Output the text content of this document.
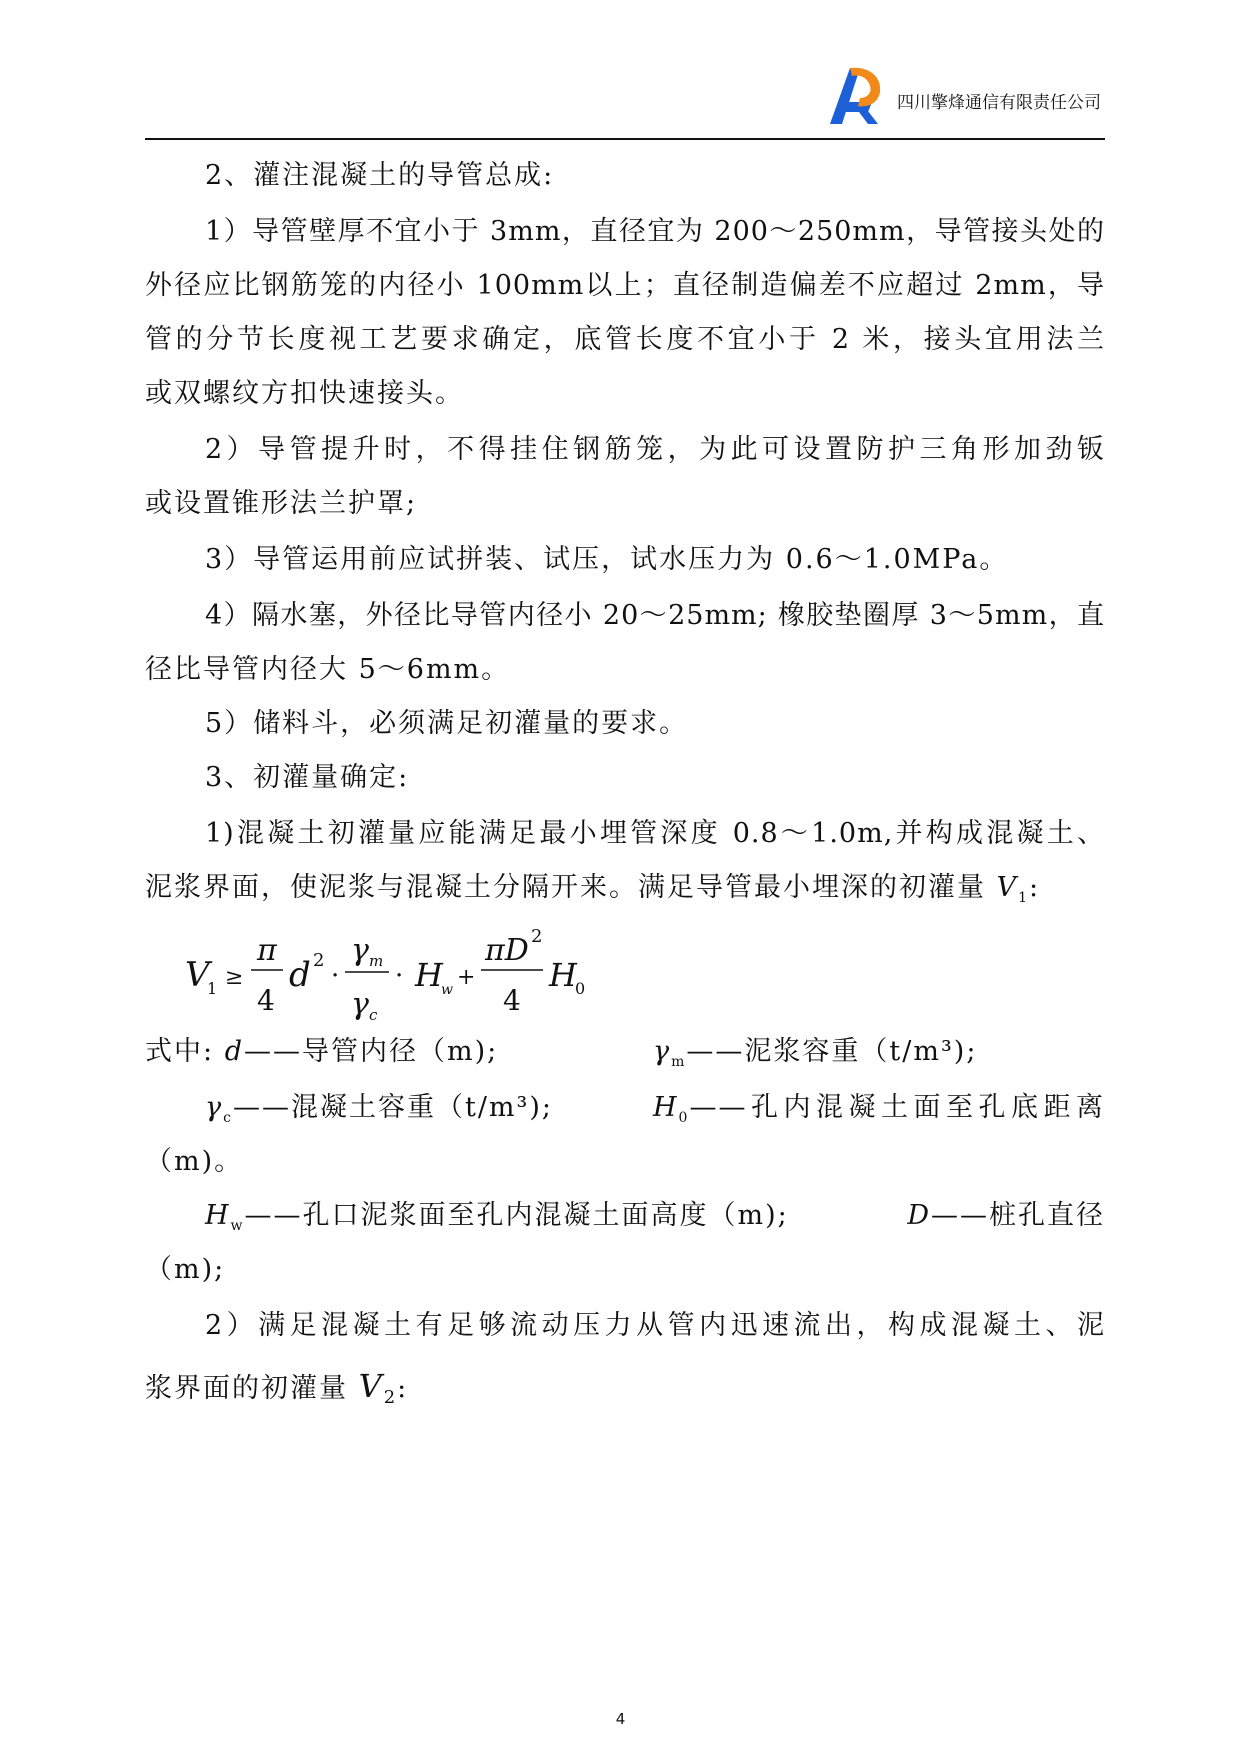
四川擎烽通信有限责任公司
2、灌注混凝土的导管总成:
1）导管壁厚不宜小于 3mm，直径宜为 200～250mm，导管接头处的
外径应比钢筋笼的内径小 100mm以上；直径制造偏差不应超过 2mm，导
管的分节长度视工艺要求确定，底管长度不宜小于 2 米，接头宜用法兰
或双螺纹方扣快速接头。
2）导管提升时，不得挂住钢筋笼，为此可设置防护三角形加劲钣
或设置锥形法兰护罩;
3）导管运用前应试拼装、试压，试水压力为 0.6～1.0MPa。
4）隔水塞，外径比导管内径小 20～25mm; 橡胶垫圈厚 3～5mm，直
径比导管内径大 5～6mm。
5）储料斗，必须满足初灌量的要求。
3、初灌量确定:
1)混凝土初灌量应能满足最小埋管深度 0.8～1.0m,并构成混凝土、
泥浆界面，使泥浆与混凝土分隔开来。满足导管最小埋深的初灌量 $V_1$:
V
1 ≥
π
4
d 2
·
γ m
γ c
· H
w +
πD 2
4
H
0
式中: d——导管内径（m);	$\gamma_m——$泥浆容重（t/m³);
$\gamma_c——$混凝土容重（t/m³);	$H_0——$孔内混凝土面至孔底距离
（m)。
$H_w——$孔口泥浆面至孔内混凝土面高度（m);	D——桩孔直径
（m);
2）满足混凝土有足够流动压力从管内迅速流出，构成混凝土、泥
浆界面的初灌量 V2:
4
